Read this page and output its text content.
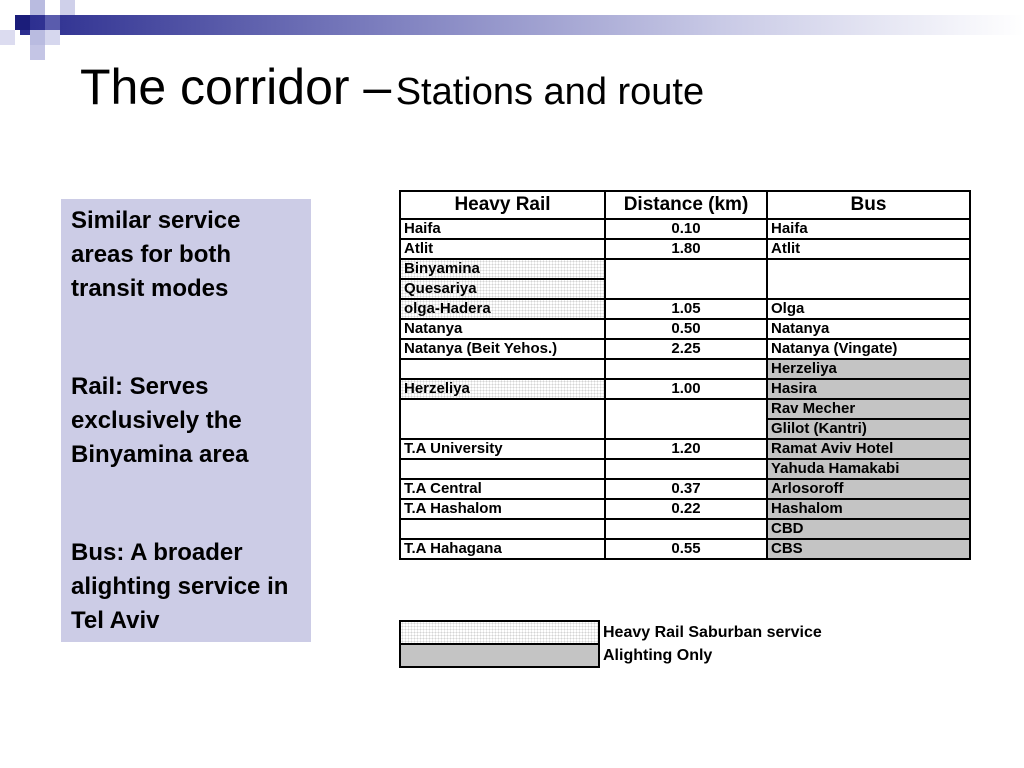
The corridor – Stations and route

Similar service areas for both transit modes

Rail: Serves exclusively the Binyamina area

Bus: A broader alighting service in Tel Aviv

Heavy Rail	Distance (km)	Bus
Haifa	0.10	Haifa
Atlit	1.80	Atlit
Binyamina		
Quesariya		
olga-Hadera	1.05	Olga
Natanya	0.50	Natanya
Natanya (Beit Yehos.)	2.25	Natanya (Vingate)
		Herzeliya
Herzeliya	1.00	Hasira
		Rav Mecher
		Glilot (Kantri)
T.A University	1.20	Ramat Aviv Hotel
		Yahuda Hamakabi
T.A Central	0.37	Arlosoroff
T.A Hashalom	0.22	Hashalom
		CBD
T.A Hahagana	0.55	CBS
	Heavy Rail Saburban service
	Alighting Only
